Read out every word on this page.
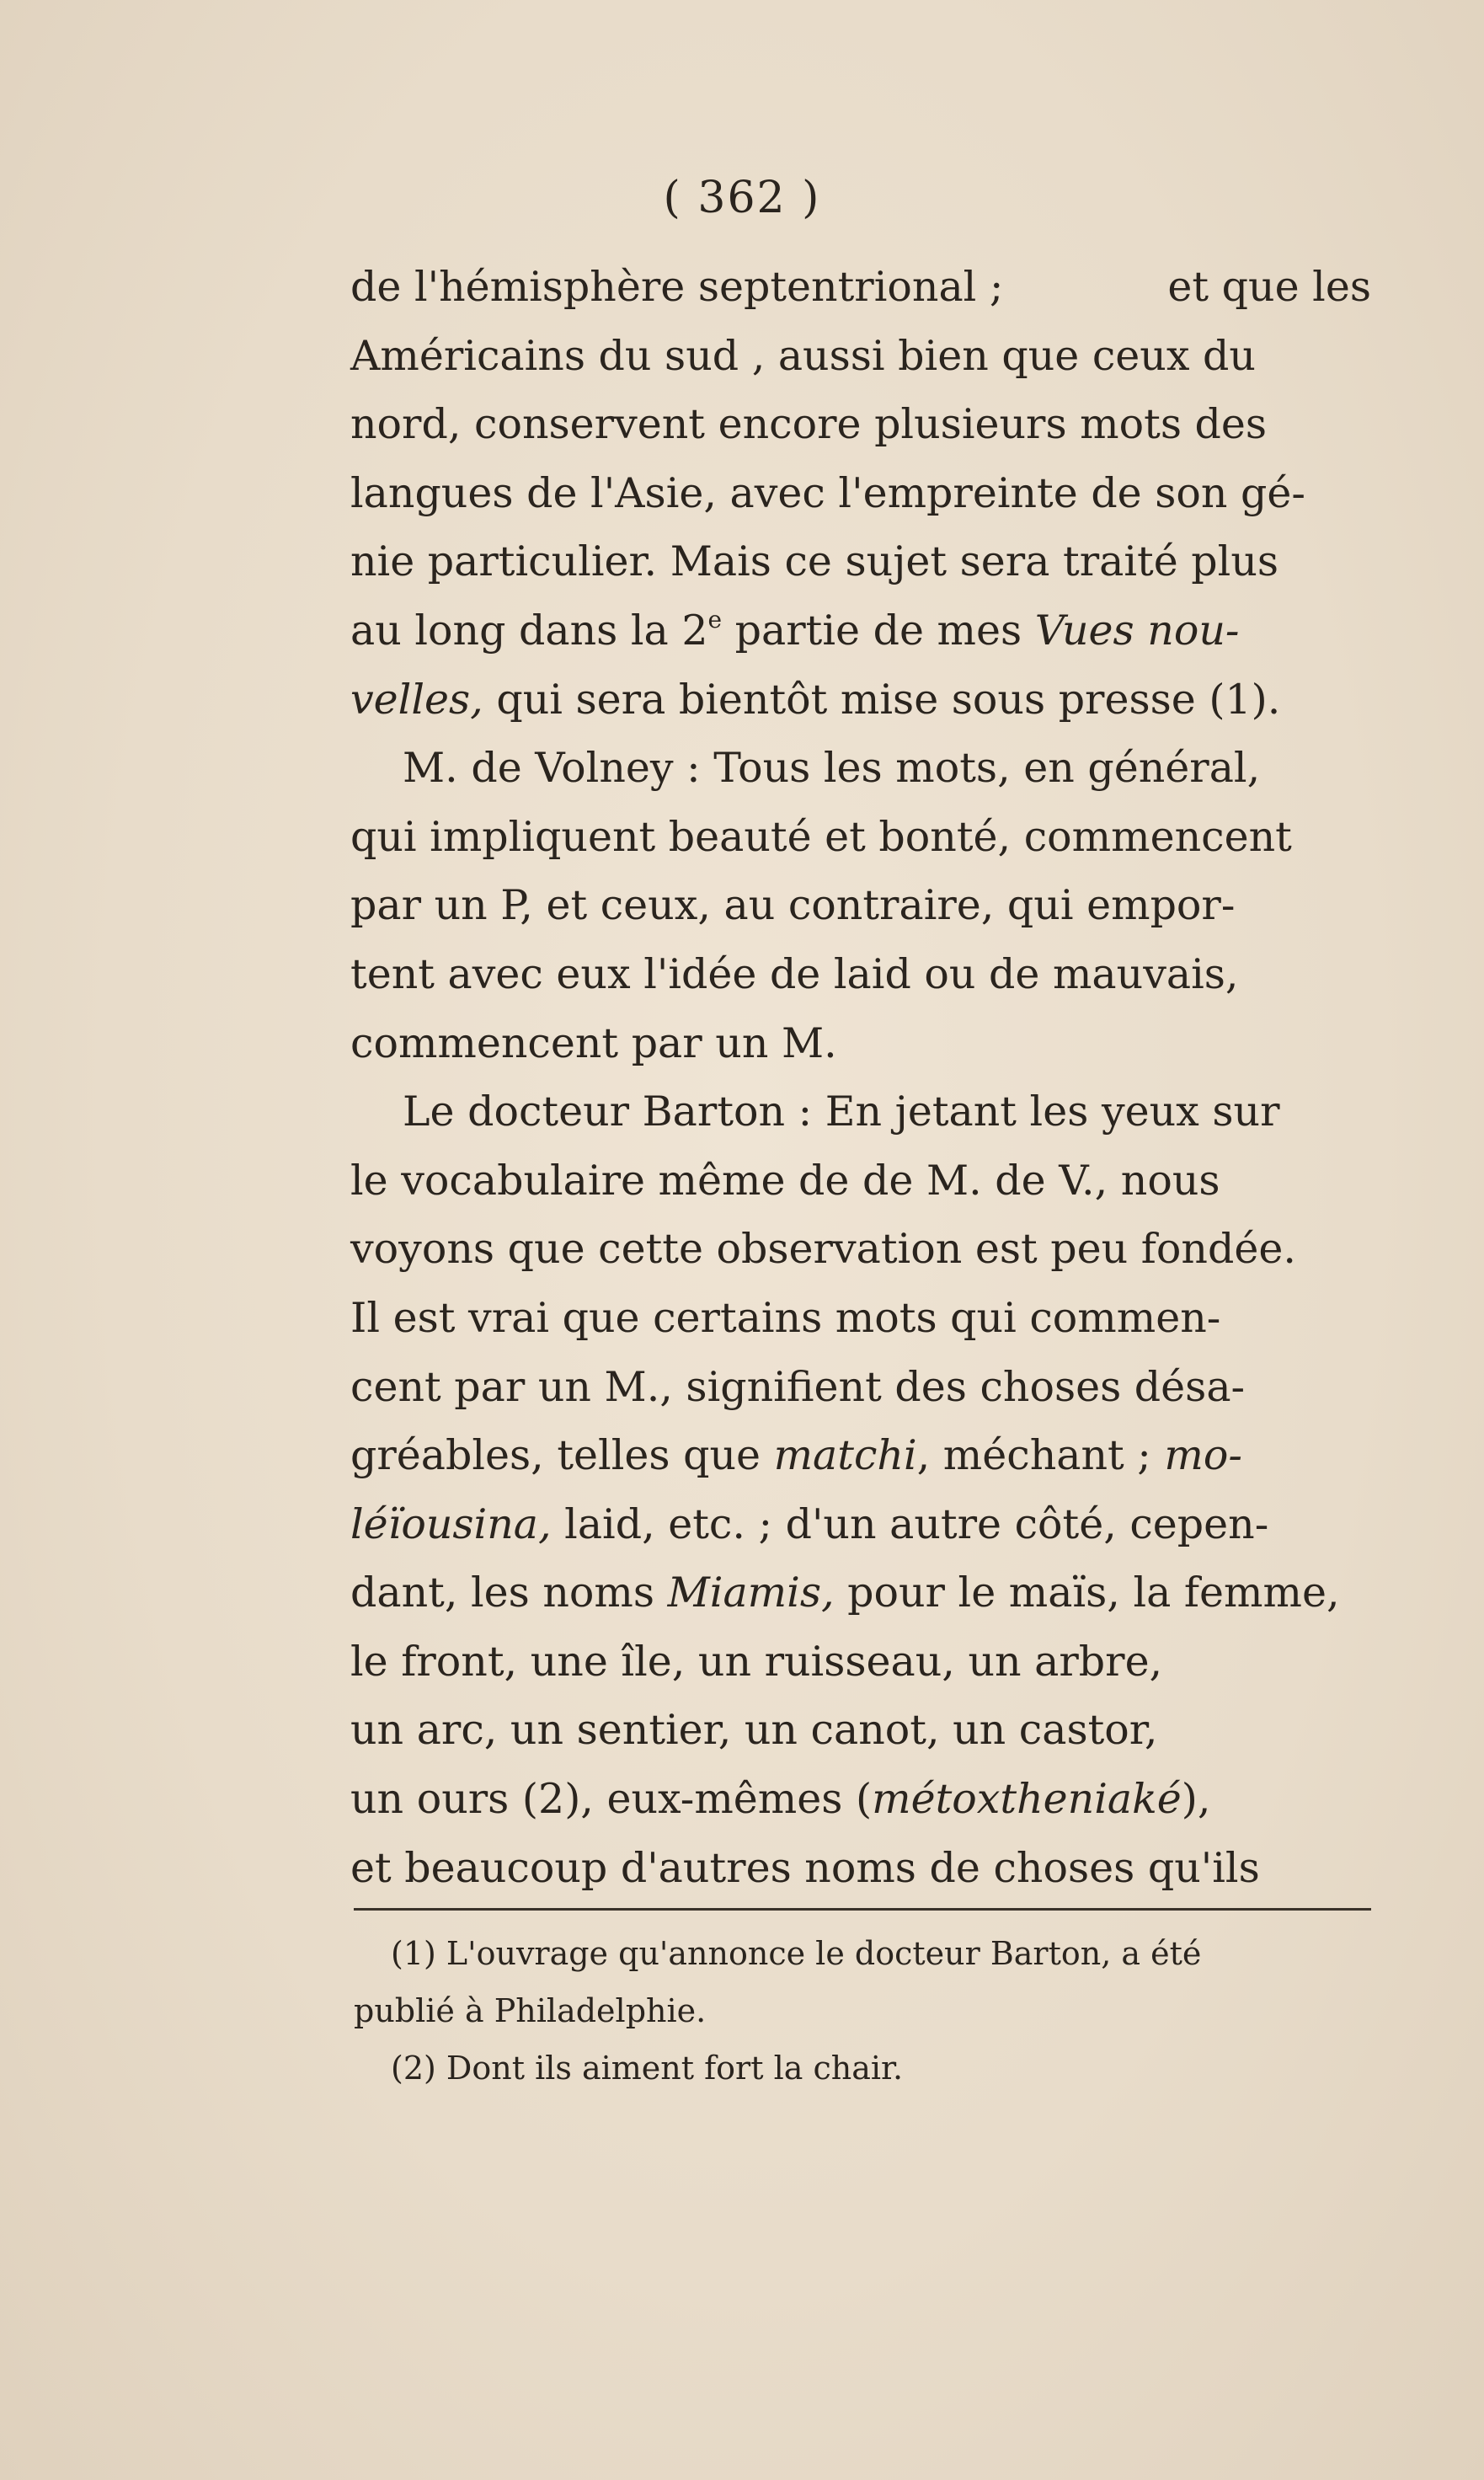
( 362 )
de l'hémisphère septentrional ;	et que les
Américains du sud , aussi bien que ceux du
nord, conservent encore plusieurs mots des
langues de l'Asie, avec l'empreinte de son gé-
nie particulier. Mais ce sujet sera traité plus
au long dans la 2e partie de mes Vues nou-
velles, qui sera bientôt mise sous presse (1).
M. de Volney : Tous les mots, en général,
qui impliquent beauté et bonté, commencent
par un P, et ceux, au contraire, qui empor-
tent avec eux l'idée de laid ou de mauvais,
commencent par un M.
Le docteur Barton : En jetant les yeux sur
le vocabulaire même de de M. de V., nous
voyons que cette observation est peu fondée.
Il est vrai que certains mots qui commen-
cent par un M., signifient des choses désa-
gréables, telles que matchi, méchant ; mo-
léïousina, laid, etc. ; d'un autre côté, cepen-
dant, les noms Miamis, pour le maïs, la femme,
le front, une île, un ruisseau, un arbre,
un arc, un sentier, un canot, un castor,
un ours (2), eux-mêmes (métoxtheniaké),
et beaucoup d'autres noms de choses qu'ils
(1) L'ouvrage qu'annonce le docteur Barton, a été
publié à Philadelphie.
(2) Dont ils aiment fort la chair.
